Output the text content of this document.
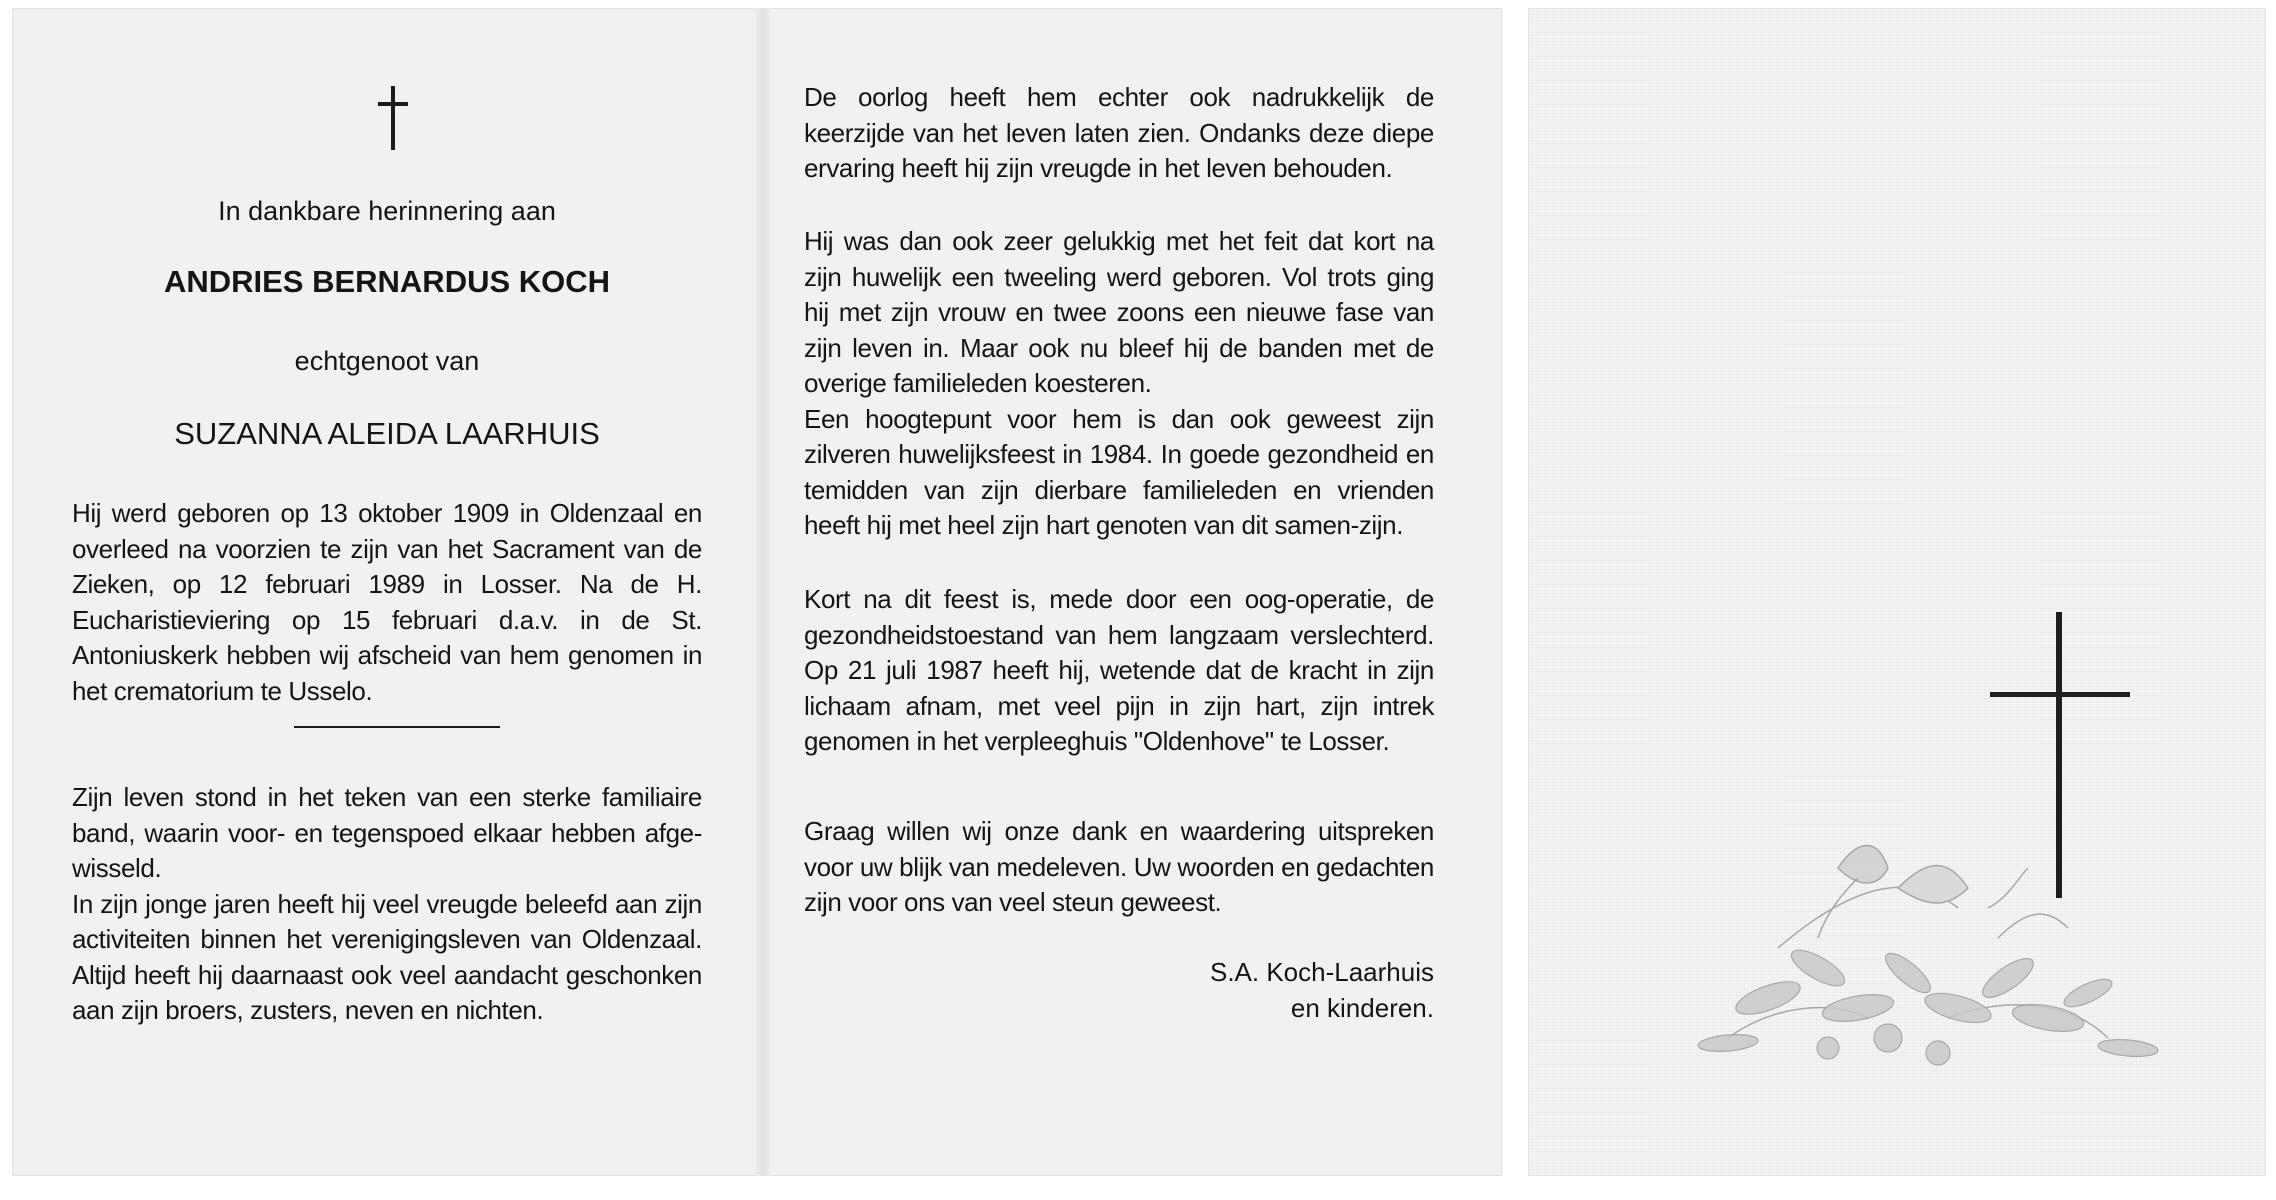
In dankbare herinnering aan
ANDRIES BERNARDUS KOCH
echtgenoot van
SUZANNA ALEIDA LAARHUIS
Hij werd geboren op 13 oktober 1909 in Oldenzaal en overleed na voorzien te zijn van het Sacrament van de Zieken, op 12 februari 1989 in Losser. Na de H. Eucharistieviering op 15 februari d.a.v. in de St. Antoniuskerk hebben wij afscheid van hem genomen in het crematorium te Usselo.
Zijn leven stond in het teken van een sterke familiaire band, waarin voor- en tegenspoed elkaar hebben afge-wisseld.
In zijn jonge jaren heeft hij veel vreugde beleefd aan zijn activiteiten binnen het verenigingsleven van Oldenzaal. Altijd heeft hij daarnaast ook veel aandacht geschonken aan zijn broers, zusters, neven en nichten.
De oorlog heeft hem echter ook nadrukkelijk de keerzijde van het leven laten zien. Ondanks deze diepe ervaring heeft hij zijn vreugde in het leven behouden.
Hij was dan ook zeer gelukkig met het feit dat kort na zijn huwelijk een tweeling werd geboren. Vol trots ging hij met zijn vrouw en twee zoons een nieuwe fase van zijn leven in. Maar ook nu bleef hij de banden met de overige familieleden koesteren.
Een hoogtepunt voor hem is dan ook geweest zijn zilveren huwelijksfeest in 1984. In goede gezondheid en temidden van zijn dierbare familieleden en vrienden heeft hij met heel zijn hart genoten van dit samen-zijn.
Kort na dit feest is, mede door een oog-operatie, de gezondheidstoestand van hem langzaam verslechterd. Op 21 juli 1987 heeft hij, wetende dat de kracht in zijn lichaam afnam, met veel pijn in zijn hart, zijn intrek genomen in het verpleeghuis "Oldenhove" te Losser.
Graag willen wij onze dank en waardering uitspreken voor uw blijk van medeleven. Uw woorden en gedachten zijn voor ons van veel steun geweest.
S.A. Koch-Laarhuis
en kinderen.
